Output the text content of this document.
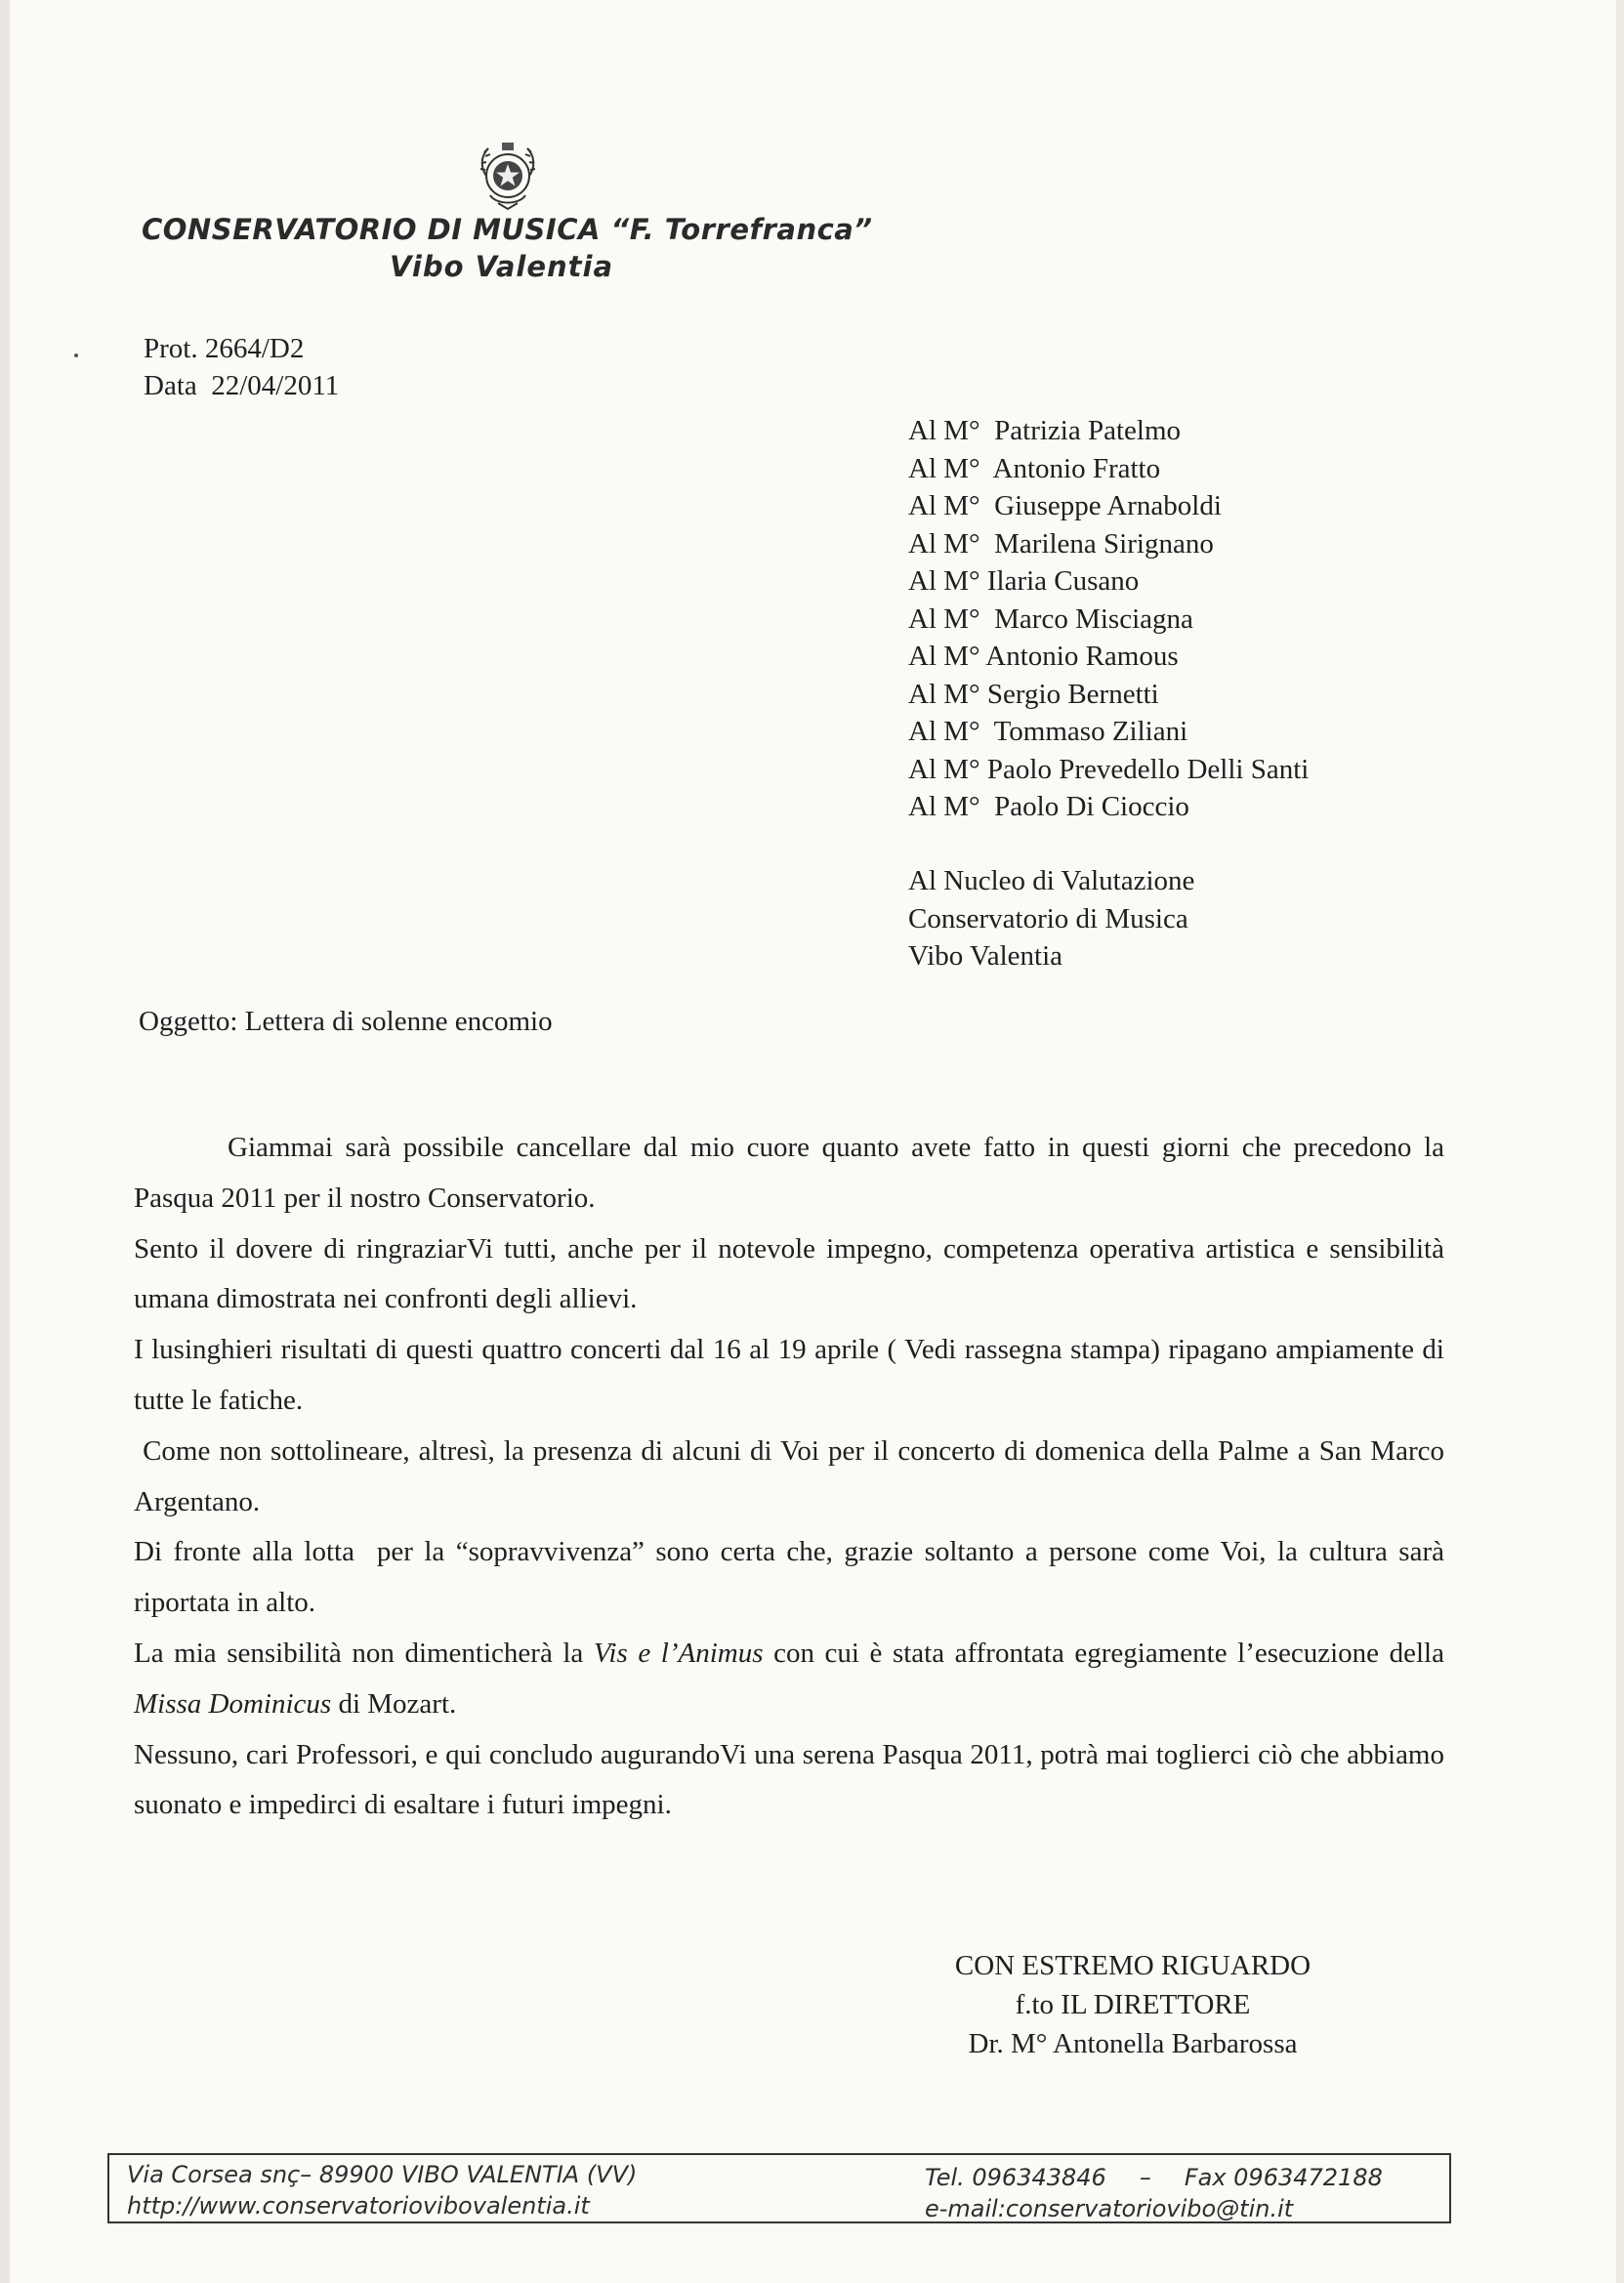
CONSERVATORIO DI MUSICA “F. Torrefranca”
Vibo Valentia
Prot. 2664/D2
Data  22/04/2011
Al M°  Patrizia Patelmo
Al M°  Antonio Fratto
Al M°  Giuseppe Arnaboldi
Al M°  Marilena Sirignano
Al M° Ilaria Cusano
Al M°  Marco Misciagna
Al M° Antonio Ramous
Al M° Sergio Bernetti
Al M°  Tommaso Ziliani
Al M° Paolo Prevedello Delli Santi
Al M°  Paolo Di Cioccio
Al Nucleo di Valutazione
Conservatorio di Musica
Vibo Valentia
Oggetto: Lettera di solenne encomio

Giammai sarà possibile cancellare dal mio cuore quanto avete fatto in questi giorni che precedono la Pasqua 2011 per il nostro Conservatorio.

Sento il dovere di ringraziarVi tutti, anche per il notevole impegno, competenza operativa artistica e sensibilità umana dimostrata nei confronti degli allievi.

I lusinghieri risultati di questi quattro concerti dal 16 al 19 aprile ( Vedi rassegna stampa) ripagano ampiamente di tutte le fatiche.

Come non sottolineare, altresì, la presenza di alcuni di Voi per il concerto di domenica della Palme a San Marco Argentano.

Di fronte alla lotta  per la “sopravvivenza” sono certa che, grazie soltanto a persone come Voi, la cultura sarà riportata in alto.

La mia sensibilità non dimenticherà la Vis e l’Animus con cui è stata affrontata egregiamente l’esecuzione della Missa Dominicus di Mozart.

Nessuno, cari Professori, e qui concludo augurandoVi una serena Pasqua 2011, potrà mai toglierci ciò che abbiamo suonato e impedirci di esaltare i futuri impegni.

CON ESTREMO RIGUARDO
f.to IL DIRETTORE
Dr. M° Antonella Barbarossa
Via Corsea snç– 89900 VIBO VALENTIA (VV)
http://www.conservatoriovibovalentia.it
Tel. 096343846 – Fax 0963472188
e-mail:conservatoriovibo@tin.it
